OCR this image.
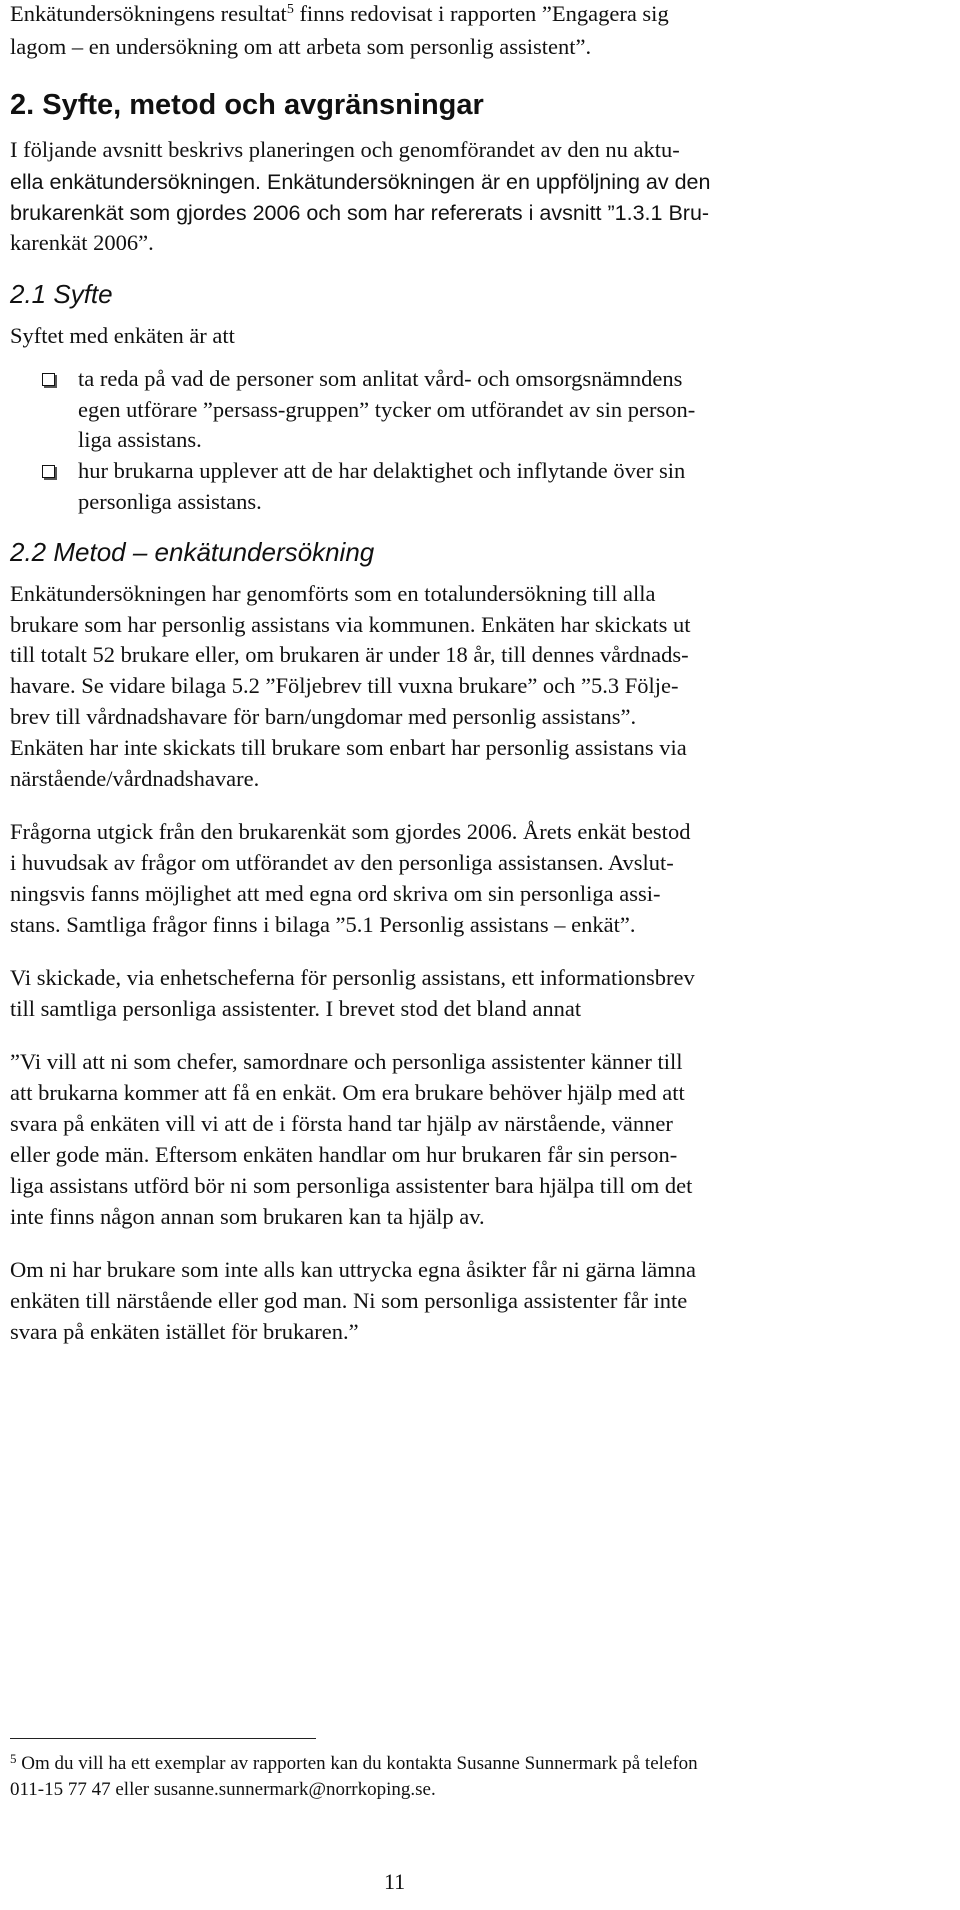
Enkätundersökningens resultat$^5$ finns redovisat i rapporten ”Engagera sig
lagom – en undersökning om att arbeta som personlig assistent”.
2. Syfte, metod och avgränsningar
I följande avsnitt beskrivs planeringen och genomförandet av den nu aktu-
ella enkätundersökningen. Enkätundersökningen är en uppföljning av den
brukarenkät som gjordes 2006 och som har refererats i avsnitt ”1.3.1 Bru-
karenkät 2006”.
2.1 Syfte
Syftet med enkäten är att
ta reda på vad de personer som anlitat vård- och omsorgsnämndens
egen utförare ”persass-gruppen” tycker om utförandet av sin person-
liga assistans.
hur brukarna upplever att de har delaktighet och inflytande över sin
personliga assistans.
2.2 Metod – enkätundersökning
Enkätundersökningen har genomförts som en totalundersökning till alla
brukare som har personlig assistans via kommunen. Enkäten har skickats ut
till totalt 52 brukare eller, om brukaren är under 18 år, till dennes vårdnads-
havare. Se vidare bilaga 5.2 ”Följebrev till vuxna brukare” och ”5.3 Följe-
brev till vårdnadshavare för barn/ungdomar med personlig assistans”.
Enkäten har inte skickats till brukare som enbart har personlig assistans via
närstående/vårdnadshavare.
Frågorna utgick från den brukarenkät som gjordes 2006. Årets enkät bestod
i huvudsak av frågor om utförandet av den personliga assistansen. Avslut-
ningsvis fanns möjlighet att med egna ord skriva om sin personliga assi-
stans. Samtliga frågor finns i bilaga ”5.1 Personlig assistans – enkät”.
Vi skickade, via enhetscheferna för personlig assistans, ett informationsbrev
till samtliga personliga assistenter. I brevet stod det bland annat
”Vi vill att ni som chefer, samordnare och personliga assistenter känner till
att brukarna kommer att få en enkät. Om era brukare behöver hjälp med att
svara på enkäten vill vi att de i första hand tar hjälp av närstående, vänner
eller gode män. Eftersom enkäten handlar om hur brukaren får sin person-
liga assistans utförd bör ni som personliga assistenter bara hjälpa till om det
inte finns någon annan som brukaren kan ta hjälp av.
Om ni har brukare som inte alls kan uttrycka egna åsikter får ni gärna lämna
enkäten till närstående eller god man. Ni som personliga assistenter får inte
svara på enkäten istället för brukaren.”
$^5$ Om du vill ha ett exemplar av rapporten kan du kontakta Susanne Sunnermark på telefon
011-15 77 47 eller susanne.sunnermark@norrkoping.se.
11
